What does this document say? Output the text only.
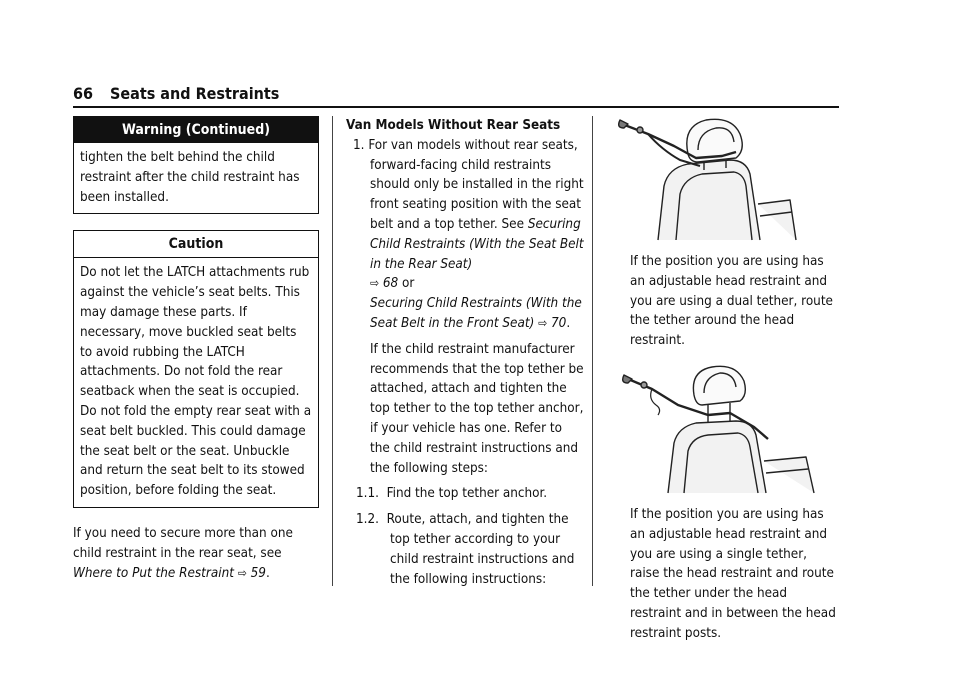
66 Seats and Restraints
Warning (Continued)
tighten the belt behind the child restraint after the child restraint has been installed.
Caution
Do not let the LATCH attachments rub against the vehicle’s seat belts. This may damage these parts. If necessary, move buckled seat belts to avoid rubbing the LATCH attachments. Do not fold the rear seatback when the seat is occupied. Do not fold the empty rear seat with a seat belt buckled. This could damage the seat belt or the seat. Unbuckle and return the seat belt to its stowed position, before folding the seat.

If you need to secure more than one child restraint in the rear seat, see Where to Put the Restraint ⇨ 59.

Van Models Without Rear Seats

1. For van models without rear seats, forward-facing child restraints should only be installed in the right front seating position with the seat belt and a top tether. See Securing Child Restraints (With the Seat Belt in the Rear Seat)
⇨ 68 or
Securing Child Restraints (With the Seat Belt in the Front Seat) ⇨ 70.

If the child restraint manufacturer recommends that the top tether be attached, attach and tighten the top tether to the top tether anchor, if your vehicle has one. Refer to the child restraint instructions and the following steps:

1.1. Find the top tether anchor.

1.2. Route, attach, and tighten the top tether according to your child restraint instructions and the following instructions:

If the position you are using has an adjustable head restraint and you are using a dual tether, route the tether around the head restraint.

If the position you are using has an adjustable head restraint and you are using a single tether, raise the head restraint and route the tether under the head restraint and in between the head restraint posts.
